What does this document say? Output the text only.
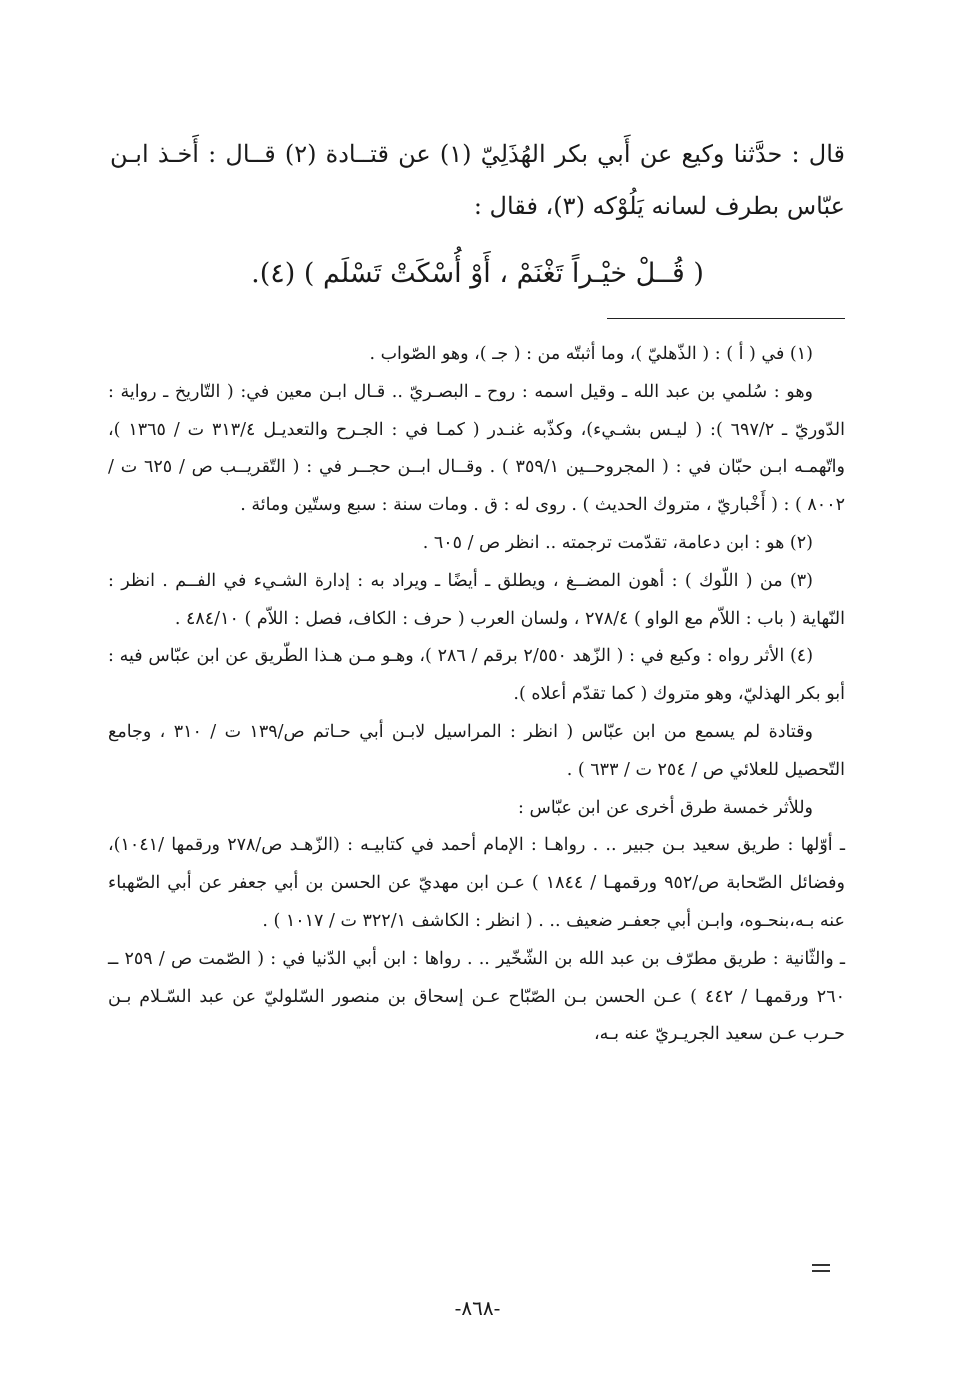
قال : حدَّثنا وكيع عن أَبي بكر الهُذَلِيّ (١) عن قتــادة (٢) قــال : أَخـذ ابـن عبّاس بطرف لسانه يَلُوْكه (٣)، فقال :

( قُــلْ خيْـراً تَغْنَمْ ، أَوْ أُسْكَتْ تَسْلَم ) (٤).

(١) في ( أ ) : ( الذّهليّ )، وما أثبتّه من : ( جـ )، وهو الصّواب .

وهو : سُلمي بن عبد الله ـ وقيل اسمه : روح ـ البصـريّ .. قـال ابـن معين في: ( التّاريخ ـ رواية : الدّوريّ ـ ٦٩٧/٢ ): ( ليـس بشـيء)، وكذّبه غنـدر ( كمـا في : الجـرح والتعديـل ٣١٣/٤ ت / ١٣٦٥ )، واتّهمـه ابـن حبّان في : ( المجروحــين ٣٥٩/١ ) . وقــال ابــن حجــر في : ( التّقريــب ص / ٦٢٥ ت / ٨٠٠٢ ) : ( أَخْباريّ ، متروك الحديث ) . روى له : ق . ومات سنة : سبع وستّين ومائة .

(٢) هو : ابن دعامة، تقدّمت ترجمته .. انظر ص / ٦٠٥ .

(٣) من ( اللّوك ) : أهون المضــغ ، ويطلق ـ أيضًا ـ ويراد به : إدارة الشـيء في الفــم . انظر : النّهاية ( باب : اللاّم مع الواو ) ٢٧٨/٤ ، ولسان العرب ( حرف : الكاف، فصل : اللاّم ) ٤٨٤/١٠ .

(٤) الأثر رواه : وكيع في : ( الزّهد ٢/٥٥٠ برقم / ٢٨٦ )، وهـو مـن هـذا الطّريق عن ابن عبّاس فيه : أبو بكر الهذليّ، وهو متروك ( كما تقدّم أعلاه ).

وقتادة لم يسمع من ابن عبّاس ( انظر : المراسيل لابـن أبي حـاتم ص/١٣٩ ت / ٣١٠ ، وجامع التّحصيل للعلائي ص / ٢٥٤ ت / ٦٣٣ ) .

وللأثر خمسة طرق أخرى عن ابن عبّاس :

ـ أوّلها : طريق سعيد بـن جبير .. . رواهـا : الإمام أحمد في كتابيـه : (الزّهـد ص/٢٧٨ ورقمها /١٠٤١)، وفضائل الصّحابة ص/٩٥٢ ورقمهـا / ١٨٤٤ ) عـن ابن مهديّ عن الحسن بن أبي جعفر عن أبي الصّهباء عنه بـه،بنحـوه، وابـن أبي جعفـر ضعيف .. . ( انظر : الكاشف ٣٢٢/١ ت / ١٠١٧ ) .

ـ والثّانية : طريق مطرّف بن عبد الله بن الشّخّير .. . رواها : ابن أبي الدّنيا في : ( الصّمت ص / ٢٥٩ ــ ٢٦٠ ورقمهـا / ٤٤٢ ) عـن الحسن بـن الصّبّاح عـن إسحاق بن منصور السّلوليّ عن عبد السّـلام بـن حـرب عـن سعيد الجريـريّ عنه بـه،

-٨٦٨-
